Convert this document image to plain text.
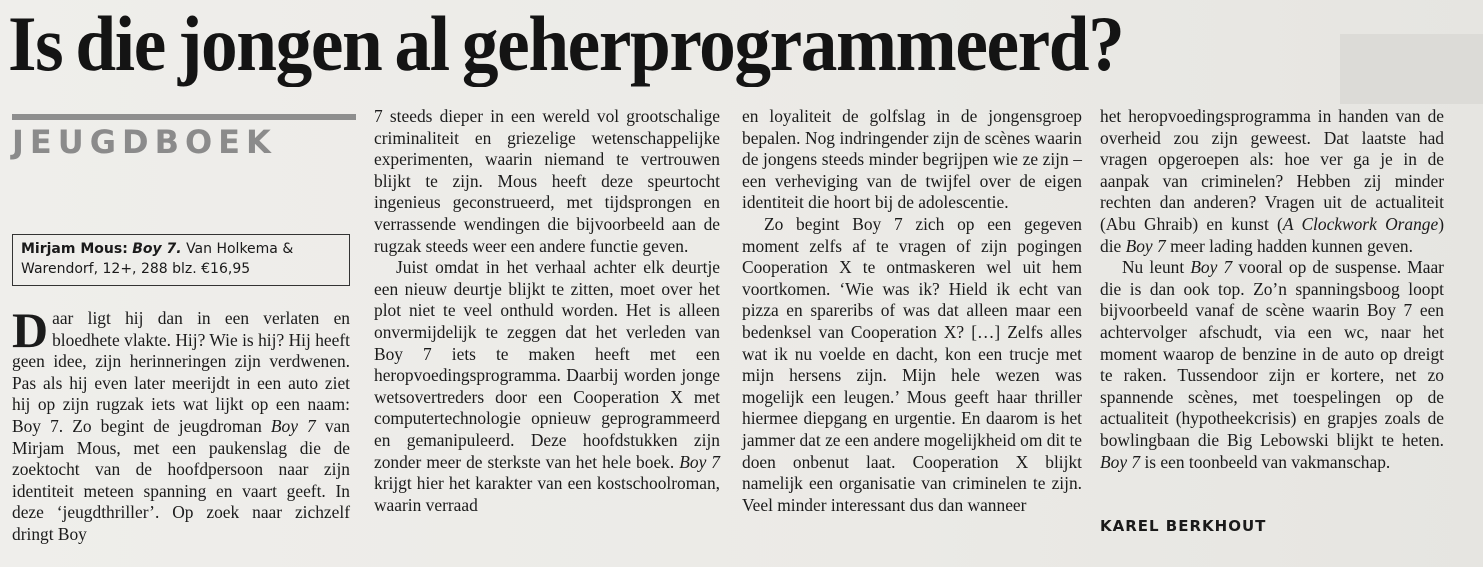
Is die jongen al geherprogrammeerd?
JEUGDBOEK
Mirjam Mous: Boy 7. Van Holkema & Warendorf, 12+, 288 blz. €16,95

D aar ligt hij dan in een verlaten en bloedhete vlakte. Hij? Wie is hij? Hij heeft geen idee, zijn herinneringen zijn verdwenen. Pas als hij even later meerijdt in een auto ziet hij op zijn rugzak iets wat lijkt op een naam: Boy 7. Zo begint de jeugdroman Boy 7 van Mirjam Mous, met een paukenslag die de zoektocht van de hoofdpersoon naar zijn identiteit meteen spanning en vaart geeft. In deze ‘jeugdthriller’. Op zoek naar zichzelf dringt Boy

7 steeds dieper in een wereld vol grootschalige criminaliteit en griezelige wetenschappelijke experimenten, waarin niemand te vertrouwen blijkt te zijn. Mous heeft deze speurtocht ingenieus geconstrueerd, met tijdsprongen en verrassende wendingen die bijvoorbeeld aan de rugzak steeds weer een andere functie geven.

Juist omdat in het verhaal achter elk deurtje een nieuw deurtje blijkt te zitten, moet over het plot niet te veel onthuld worden. Het is alleen onvermijdelijk te zeggen dat het verleden van Boy 7 iets te maken heeft met een heropvoedingsprogramma. Daarbij worden jonge wetsovertreders door een Cooperation X met computertechnologie opnieuw geprogrammeerd en gemanipuleerd. Deze hoofdstukken zijn zonder meer de sterkste van het hele boek. Boy 7 krijgt hier het karakter van een kostschoolroman, waarin verraad

en loyaliteit de golfslag in de jongensgroep bepalen. Nog indringender zijn de scènes waarin de jongens steeds minder begrijpen wie ze zijn – een verheviging van de twijfel over de eigen identiteit die hoort bij de adolescentie.

Zo begint Boy 7 zich op een gegeven moment zelfs af te vragen of zijn pogingen Cooperation X te ontmaskeren wel uit hem voortkomen. ‘Wie was ik? Hield ik echt van pizza en spareribs of was dat alleen maar een bedenksel van Cooperation X? […] Zelfs alles wat ik nu voelde en dacht, kon een trucje met mijn hersens zijn. Mijn hele wezen was mogelijk een leugen.’ Mous geeft haar thriller hiermee diepgang en urgentie. En daarom is het jammer dat ze een andere mogelijkheid om dit te doen onbenut laat. Cooperation X blijkt namelijk een organisatie van criminelen te zijn. Veel minder interessant dus dan wanneer

het heropvoedingsprogramma in handen van de overheid zou zijn geweest. Dat laatste had vragen opgeroepen als: hoe ver ga je in de aanpak van criminelen? Hebben zij minder rechten dan anderen? Vragen uit de actualiteit (Abu Ghraib) en kunst (A Clockwork Orange) die Boy 7 meer lading hadden kunnen geven.

Nu leunt Boy 7 vooral op de suspense. Maar die is dan ook top. Zo’n spanningsboog loopt bijvoorbeeld vanaf de scène waarin Boy 7 een achtervolger afschudt, via een wc, naar het moment waarop de benzine in de auto op dreigt te raken. Tussendoor zijn er kortere, net zo spannende scènes, met toespelingen op de actualiteit (hypotheekcrisis) en grapjes zoals de bowlingbaan die Big Lebowski blijkt te heten. Boy 7 is een toonbeeld van vakmanschap.

KAREL BERKHOUT
